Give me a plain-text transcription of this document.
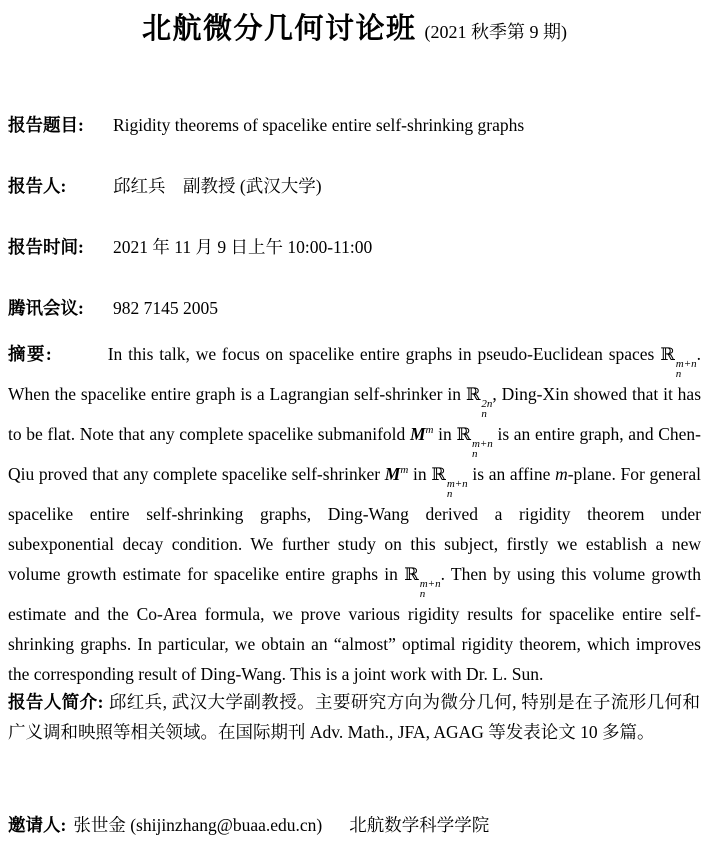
北航微分几何讨论班 (2021 秋季第 9 期)
报告题目:	Rigidity theorems of spacelike entire self-shrinking graphs
报告人:	邱红兵　副教授 (武汉大学)
报告时间:	2021 年 11 月 9 日上午 10:00-11:00
腾讯会议:	982 7145 2005

摘要:	In this talk, we focus on spacelike entire graphs in pseudo-Euclidean spaces ℝ m+n
n
. When the spacelike entire graph is a Lagrangian self-shrinker in ℝ 2n
n
, Ding-Xin showed that it has to be flat. Note that any complete spacelike submanifold $M^m$ in ℝ m+n
n
is an entire graph, and Chen-Qiu proved that any complete spacelike self-shrinker $M^m$ in ℝ m+n
n
is an affine m-plane. For general spacelike entire self-shrinking graphs, Ding-Wang derived a rigidity theorem under subexponential decay condition. We further study on this subject, firstly we establish a new volume growth estimate for spacelike entire graphs in ℝ m+n
n
. Then by using this volume growth estimate and the Co-Area formula, we prove various rigidity results for spacelike entire self-shrinking graphs. In particular, we obtain an “almost” optimal rigidity theorem, which improves the corresponding result of Ding-Wang. This is a joint work with Dr. L. Sun.

报告人简介: 邱红兵, 武汉大学副教授。主要研究方向为微分几何, 特别是在子流形几何和广义调和映照等相关领域。在国际期刊 Adv. Math., JFA, AGAG 等发表论文 10 多篇。

邀请人: 张世金 (shijinzhang@buaa.edu.cn) 北航数学科学学院
